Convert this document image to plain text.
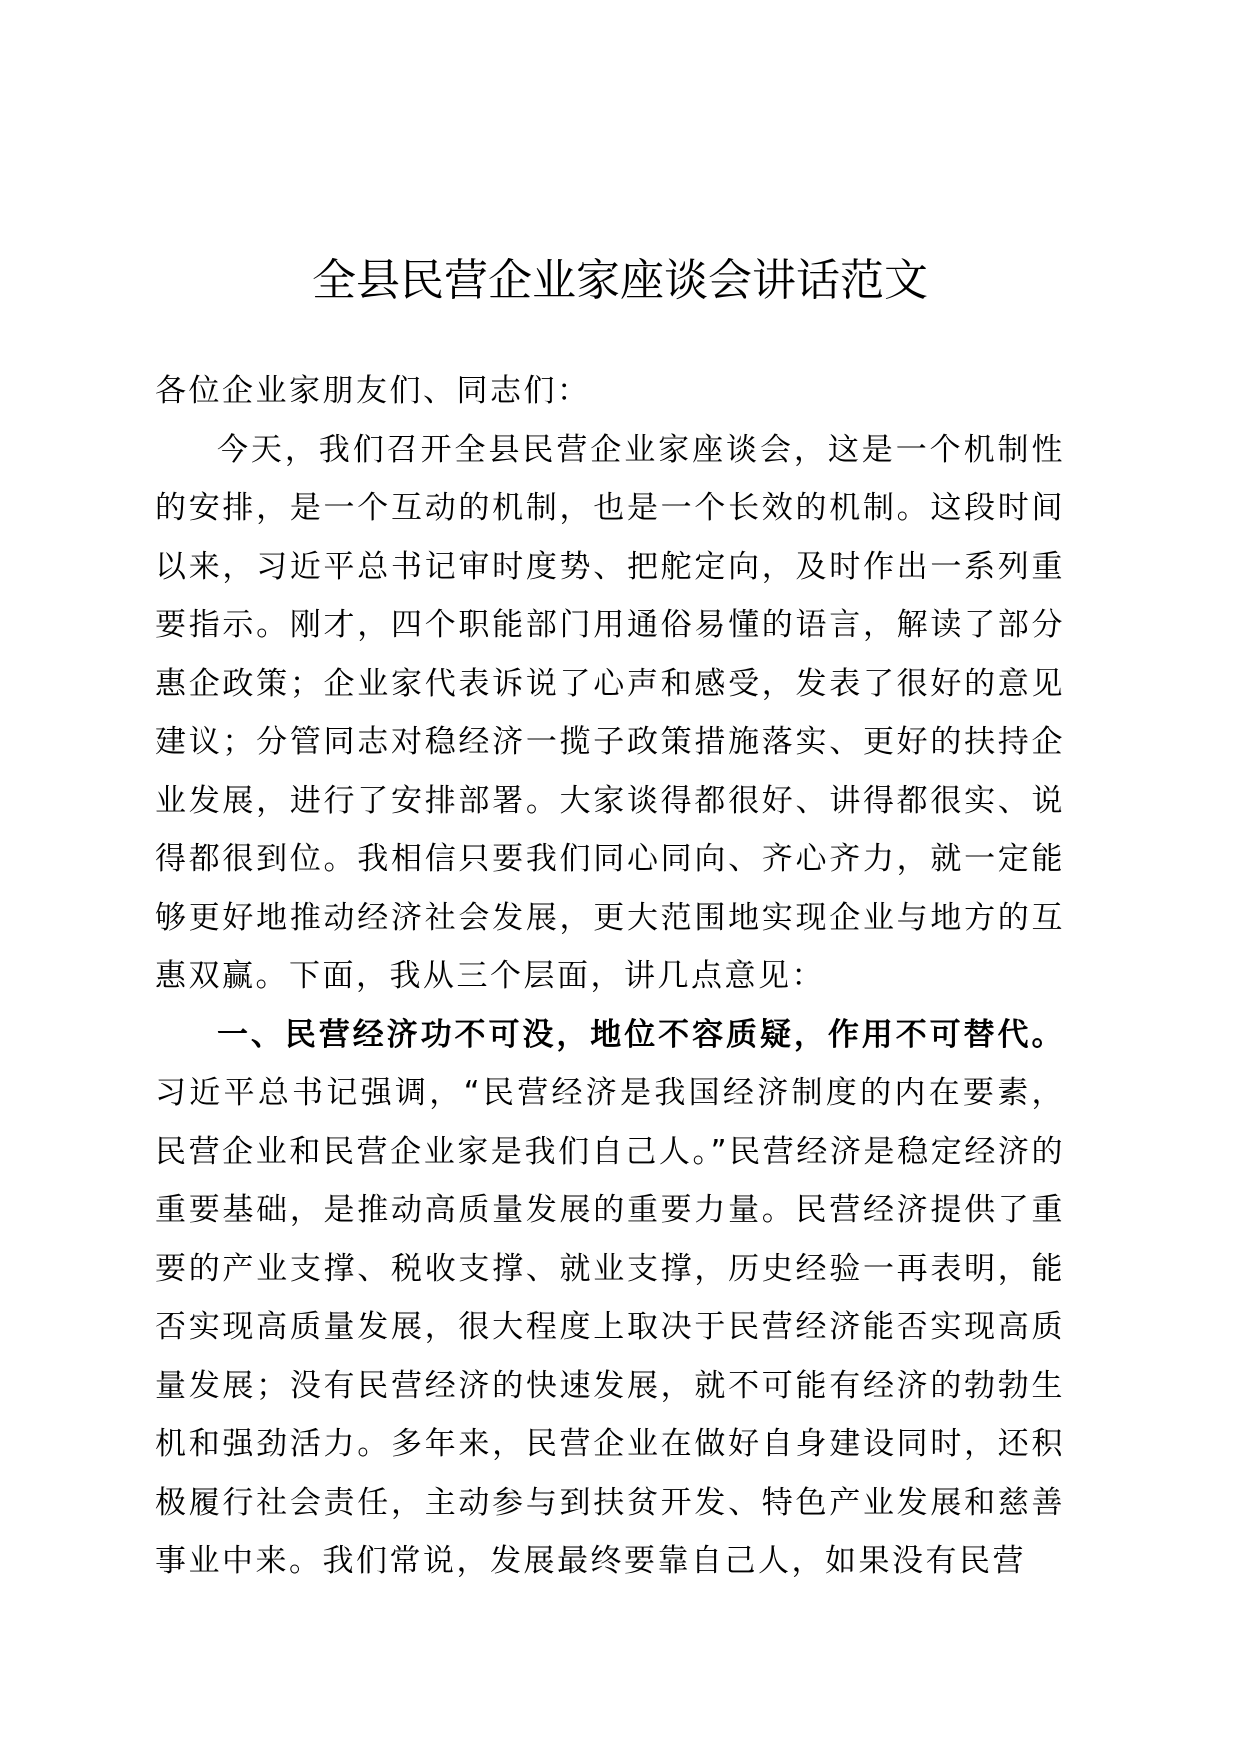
全县民营企业家座谈会讲话范文

各位企业家朋友们、同志们：

今天，我们召开全县民营企业家座谈会，这是一个机制性的安排，是一个互动的机制，也是一个长效的机制。这段时间以来，习近平总书记审时度势、把舵定向，及时作出一系列重要指示。刚才，四个职能部门用通俗易懂的语言，解读了部分惠企政策；企业家代表诉说了心声和感受，发表了很好的意见建议；分管同志对稳经济一揽子政策措施落实、更好的扶持企业发展，进行了安排部署。大家谈得都很好、讲得都很实、说得都很到位。我相信只要我们同心同向、齐心齐力，就一定能够更好地推动经济社会发展，更大范围地实现企业与地方的互惠双赢。下面，我从三个层面，讲几点意见：

一、民营经济功不可没，地位不容质疑，作用不可替代。习近平总书记强调，“民营经济是我国经济制度的内在要素，民营企业和民营企业家是我们自己人。”民营经济是稳定经济的重要基础，是推动高质量发展的重要力量。民营经济提供了重要的产业支撑、税收支撑、就业支撑，历史经验一再表明，能否实现高质量发展，很大程度上取决于民营经济能否实现高质量发展；没有民营经济的快速发展，就不可能有经济的勃勃生机和强劲活力。多年来，民营企业在做好自身建设同时，还积极履行社会责任，主动参与到扶贫开发、特色产业发展和慈善事业中来。我们常说，发展最终要靠自己人，如果没有民营
